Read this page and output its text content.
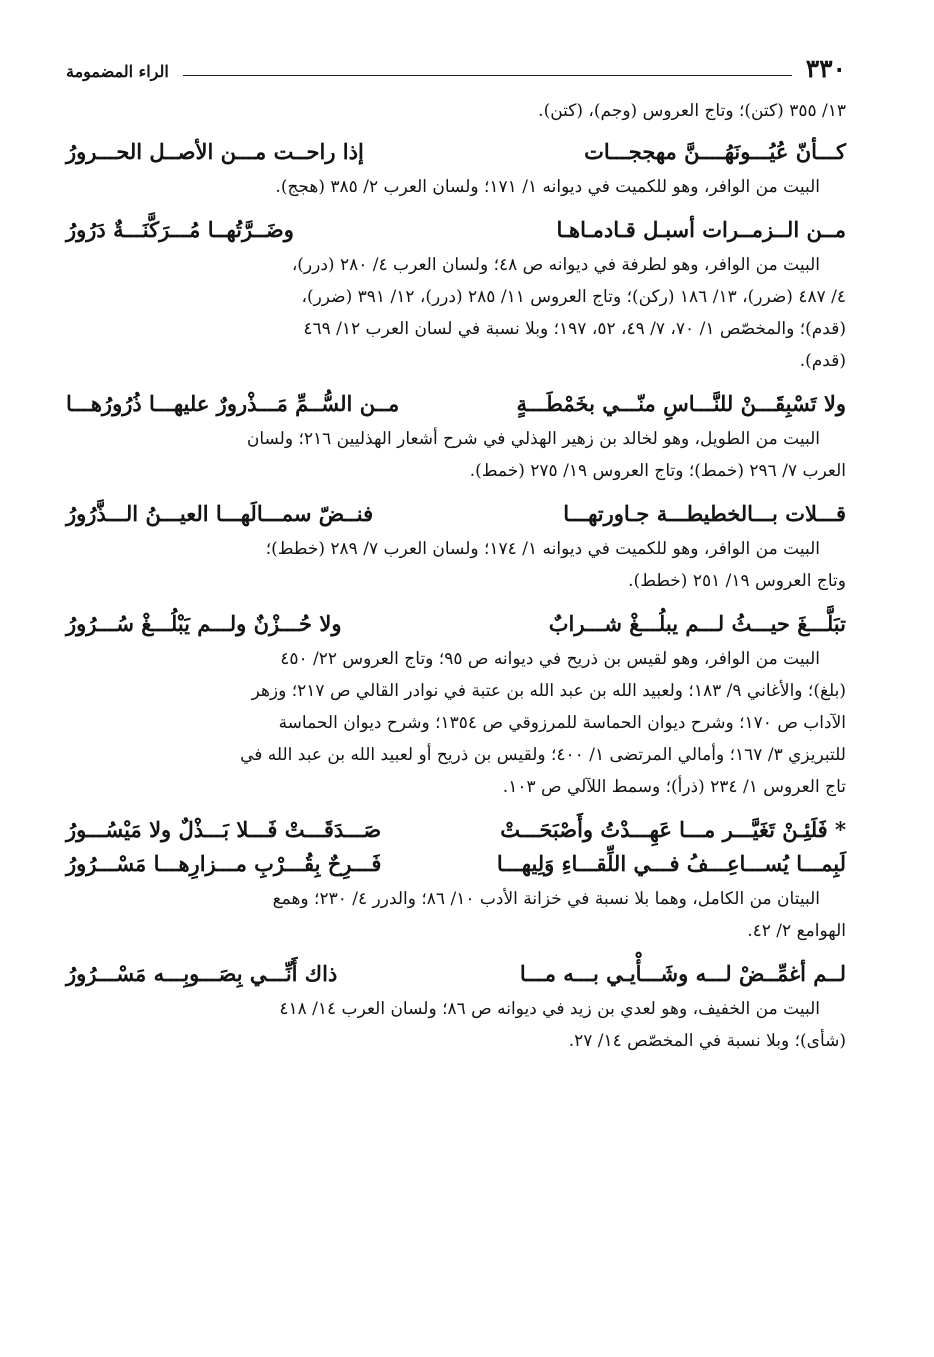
٣٣٠
الراء المضمومة

١٣/ ٣٥٥ (كتن)؛ وتاج العروس (وجم)، (كتن).

كـــأنّ عُيُـــونَهُــــنَّ مهججـــات
إذا راحــت مـــن الأصــل الحـــرورُ

البيت من الوافر، وهو للكميت في ديوانه ١/ ١٧١؛ ولسان العرب ٢/ ٣٨٥ (هجج).

مــن الــزمــرات أسبـل قـادمـاهـا
وضَــرَّتُهــا مُـــرَكَّنَـــةٌ دَرُورُ

البيت من الوافر، وهو لطرفة في ديوانه ص ٤٨؛ ولسان العرب ٤/ ٢٨٠ (درر)،

٤/ ٤٨٧ (ضرر)، ١٣/ ١٨٦ (ركن)؛ وتاج العروس ١١/ ٢٨٥ (درر)، ١٢/ ٣٩١ (ضرر)،

(قدم)؛ والمخصّص ١/ ٧٠، ٧/ ٤٩، ٥٢، ١٩٧؛ وبلا نسبة في لسان العرب ١٢/ ٤٦٩

(قدم).

ولا تَسْبِقَـــنْ للنَّـــاسِ منّـــي بخَمْطَـــةٍ
مــن السُّــمِّ مَـــذْرورٌ عليهـــا ذُرُورُهـــا

البيت من الطويل، وهو لخالد بن زهير الهذلي في شرح أشعار الهذليين ٢١٦؛ ولسان

العرب ٧/ ٢٩٦ (خمط)؛ وتاج العروس ١٩/ ٢٧٥ (خمط).

قـــلات بـــالخطيطـــة جـاورتهـــا
فنــضّ سمـــالَهـــا العيـــنُ الـــذَّرُورُ

البيت من الوافر، وهو للكميت في ديوانه ١/ ١٧٤؛ ولسان العرب ٧/ ٢٨٩ (خطط)؛

وتاج العروس ١٩/ ٢٥١ (خطط).

تبَلَّـــغَ حيـــثُ لـــم يبلُـــغْ شـــرابٌ
ولا حُـــزْنٌ ولـــم يَبْلُـــغْ سُـــرُورُ

البيت من الوافر، وهو لقيس بن ذريح في ديوانه ص ٩٥؛ وتاج العروس ٢٢/ ٤٥٠

(بلغ)؛ والأغاني ٩/ ١٨٣؛ ولعبيد الله بن عبد الله بن عتبة في نوادر القالي ص ٢١٧؛ وزهر

الآداب ص ١٧٠؛ وشرح ديوان الحماسة للمرزوقي ص ١٣٥٤؛ وشرح ديوان الحماسة

للتبريزي ٣/ ١٦٧؛ وأمالي المرتضى ١/ ٤٠٠؛ ولقيس بن ذريح أو لعبيد الله بن عبد الله في

تاج العروس ١/ ٢٣٤ (ذرأ)؛ وسمط اللآلي ص ١٠٣.

* فَلَئِـنْ تَغَيَّـــر مـــا عَهِـــدْتُ وأَصْبَحَـــتْ
صَـــدَقَـــتْ فَـــلا بَـــذْلٌ ولا مَيْسُـــورُ
لَبِمـــا يُســـاعِـــفُ فـــي اللِّقـــاءِ وَلِيهـــا
فَـــرِحٌ بِقُـــرْبِ مـــزارِهـــا مَسْـــرُورُ

البيتان من الكامل، وهما بلا نسبة في خزانة الأدب ١٠/ ٨٦؛ والدرر ٤/ ٢٣٠؛ وهمع

الهوامع ٢/ ٤٢.

لــم أغمِّــضْ لـــه وشَـــأْيـي بـــه مـــا
ذاك أَنِّـــي بِصَـــوبِـــه مَسْـــرُورُ

البيت من الخفيف، وهو لعدي بن زيد في ديوانه ص ٨٦؛ ولسان العرب ١٤/ ٤١٨

(شأى)؛ وبلا نسبة في المخصّص ١٤/ ٢٧.
